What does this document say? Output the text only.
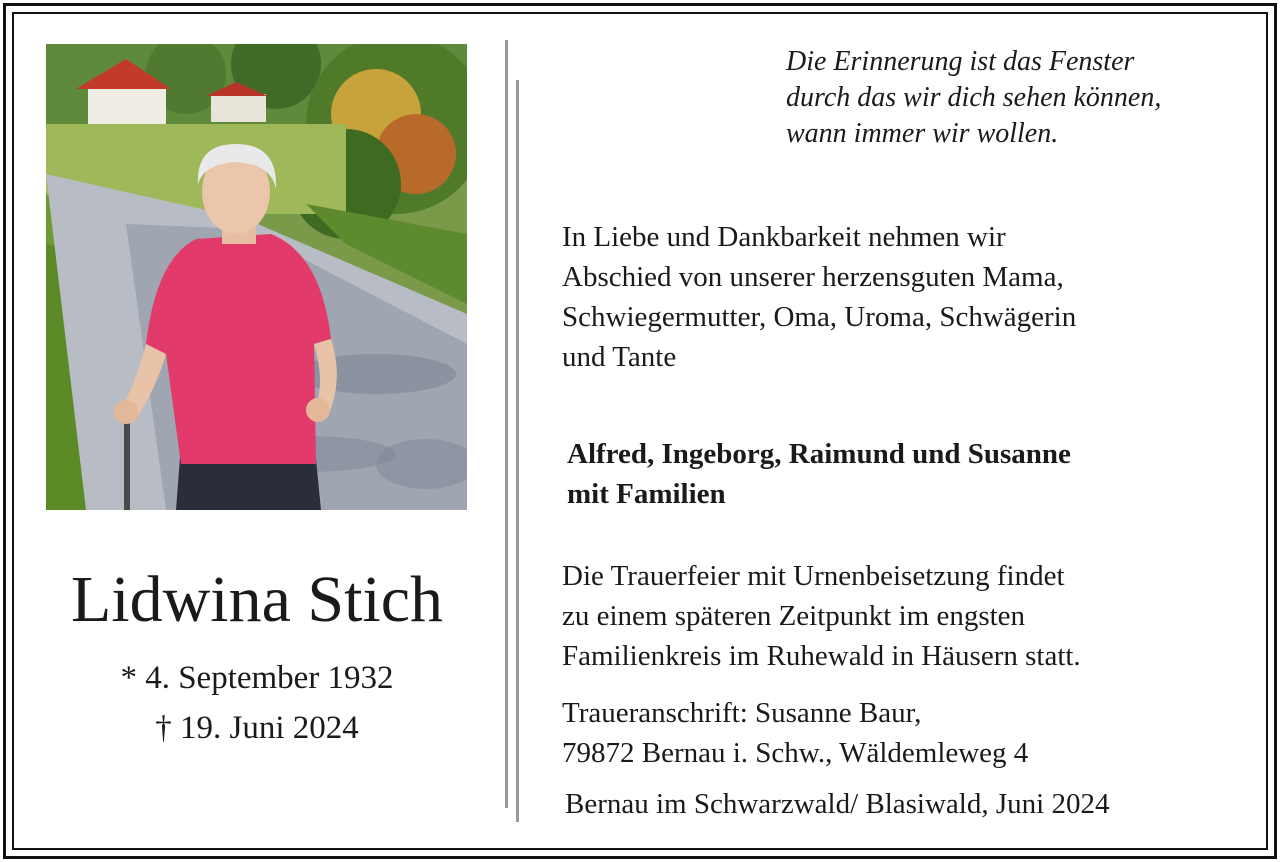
Lidwina Stich
* 4. September 1932
† 19. Juni 2024
Die Erinnerung ist das Fenster
durch das wir dich sehen können,
wann immer wir wollen.
In Liebe und Dankbarkeit nehmen wir
Abschied von unserer herzensguten Mama,
Schwiegermutter, Oma, Uroma, Schwägerin
und Tante
Alfred, Ingeborg, Raimund und Susanne
mit Familien
Die Trauerfeier mit Urnenbeisetzung findet
zu einem späteren Zeitpunkt im engsten
Familienkreis im Ruhewald in Häusern statt.
Traueranschrift: Susanne Baur,
79872 Bernau i. Schw., Wäldemleweg 4
Bernau im Schwarzwald/ Blasiwald, Juni 2024
